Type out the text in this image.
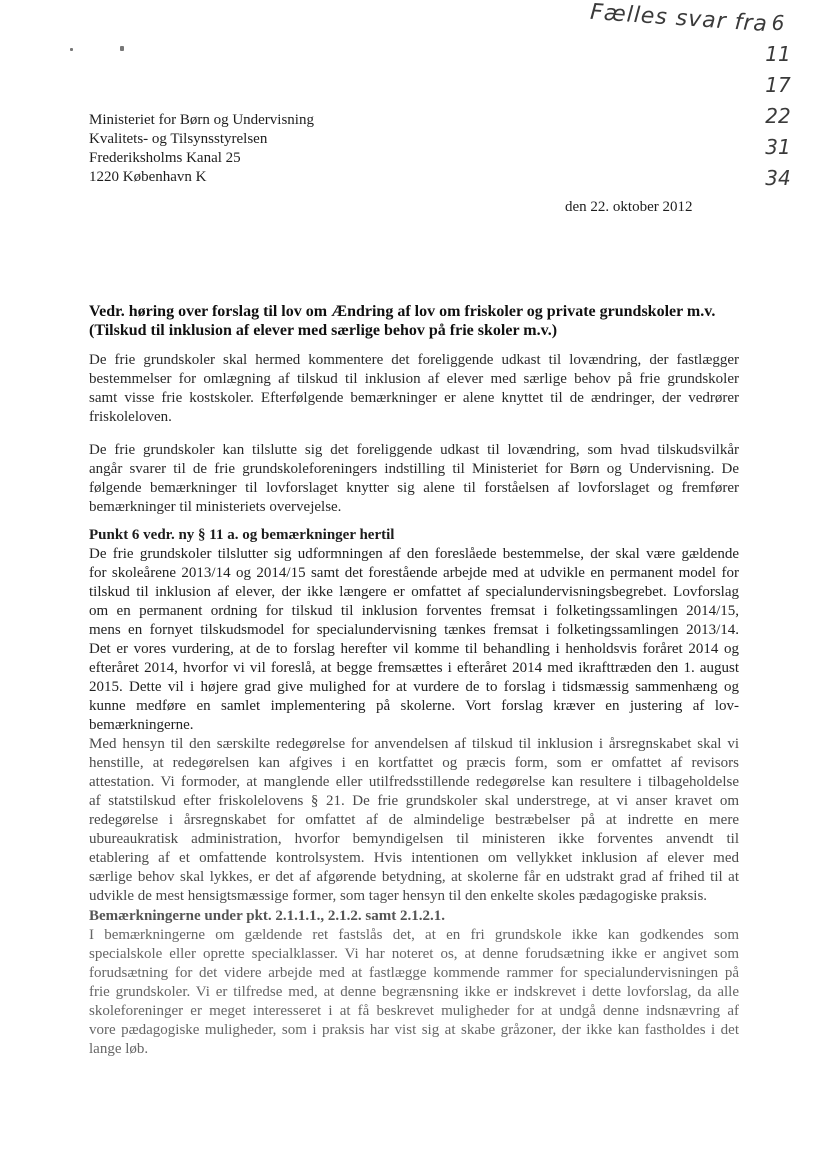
Fælles svar fra 6
11
17
22
31
34
Ministeriet for Børn og Undervisning
Kvalitets- og Tilsynsstyrelsen
Frederiksholms Kanal 25
1220 København K
den 22. oktober 2012
Vedr. høring over forslag til lov om Ændring af lov om friskoler og private grundskoler m.v.
(Tilskud til inklusion af elever med særlige behov på frie skoler m.v.)
De frie grundskoler skal hermed kommentere det foreliggende udkast til lovændring, der fastlægger
bestemmelser for omlægning af tilskud til inklusion af elever med særlige behov på frie grundskoler
samt visse frie kostskoler. Efterfølgende bemærkninger er alene knyttet til de ændringer, der vedrører
friskoleloven.
De frie grundskoler kan tilslutte sig det foreliggende udkast til lovændring, som hvad tilskudsvilkår
angår svarer til de frie grundskoleforeningers indstilling til Ministeriet for Børn og Undervisning. De
følgende bemærkninger til lovforslaget knytter sig alene til forståelsen af lovforslaget og fremfører
bemærkninger til ministeriets overvejelse.
Punkt 6 vedr. ny § 11 a. og bemærkninger hertil
De frie grundskoler tilslutter sig udformningen af den foreslåede bestemmelse, der skal være gældende
for skoleårene 2013/14 og 2014/15 samt det forestående arbejde med at udvikle en permanent model for
tilskud til inklusion af elever, der ikke længere er omfattet af specialundervisningsbegrebet. Lovforslag
om en permanent ordning for tilskud til inklusion forventes fremsat i folketingssamlingen 2014/15,
mens en fornyet tilskudsmodel for specialundervisning tænkes fremsat i folketingssamlingen 2013/14.
Det er vores vurdering, at de to forslag herefter vil komme til behandling i henholdsvis foråret 2014 og
efteråret 2014, hvorfor vi vil foreslå, at begge fremsættes i efteråret 2014 med ikrafttræden den 1. august
2015. Dette vil i højere grad give mulighed for at vurdere de to forslag i tidsmæssig sammenhæng og
kunne medføre en samlet implementering på skolerne. Vort forslag kræver en justering af lov-
bemærkningerne.
Med hensyn til den særskilte redegørelse for anvendelsen af tilskud til inklusion i årsregnskabet skal vi
henstille, at redegørelsen kan afgives i en kortfattet og præcis form, som er omfattet af revisors
attestation. Vi formoder, at manglende eller utilfredsstillende redegørelse kan resultere i tilbageholdelse
af statstilskud efter friskolelovens § 21. De frie grundskoler skal understrege, at vi anser kravet om
redegørelse i årsregnskabet for omfattet af de almindelige bestræbelser på at indrette en mere
ubureaukratisk administration, hvorfor bemyndigelsen til ministeren ikke forventes anvendt til
etablering af et omfattende kontrolsystem. Hvis intentionen om vellykket inklusion af elever med
særlige behov skal lykkes, er det af afgørende betydning, at skolerne får en udstrakt grad af frihed til at
udvikle de mest hensigtsmæssige former, som tager hensyn til den enkelte skoles pædagogiske praksis.
Bemærkningerne under pkt. 2.1.1.1., 2.1.2. samt 2.1.2.1.
I bemærkningerne om gældende ret fastslås det, at en fri grundskole ikke kan godkendes som
specialskole eller oprette specialklasser. Vi har noteret os, at denne forudsætning ikke er angivet som
forudsætning for det videre arbejde med at fastlægge kommende rammer for specialundervisningen på
frie grundskoler. Vi er tilfredse med, at denne begrænsning ikke er indskrevet i dette lovforslag, da alle
skoleforeninger er meget interesseret i at få beskrevet muligheder for at undgå denne indsnævring af
vore pædagogiske muligheder, som i praksis har vist sig at skabe gråzoner, der ikke kan fastholdes i det
lange løb.
